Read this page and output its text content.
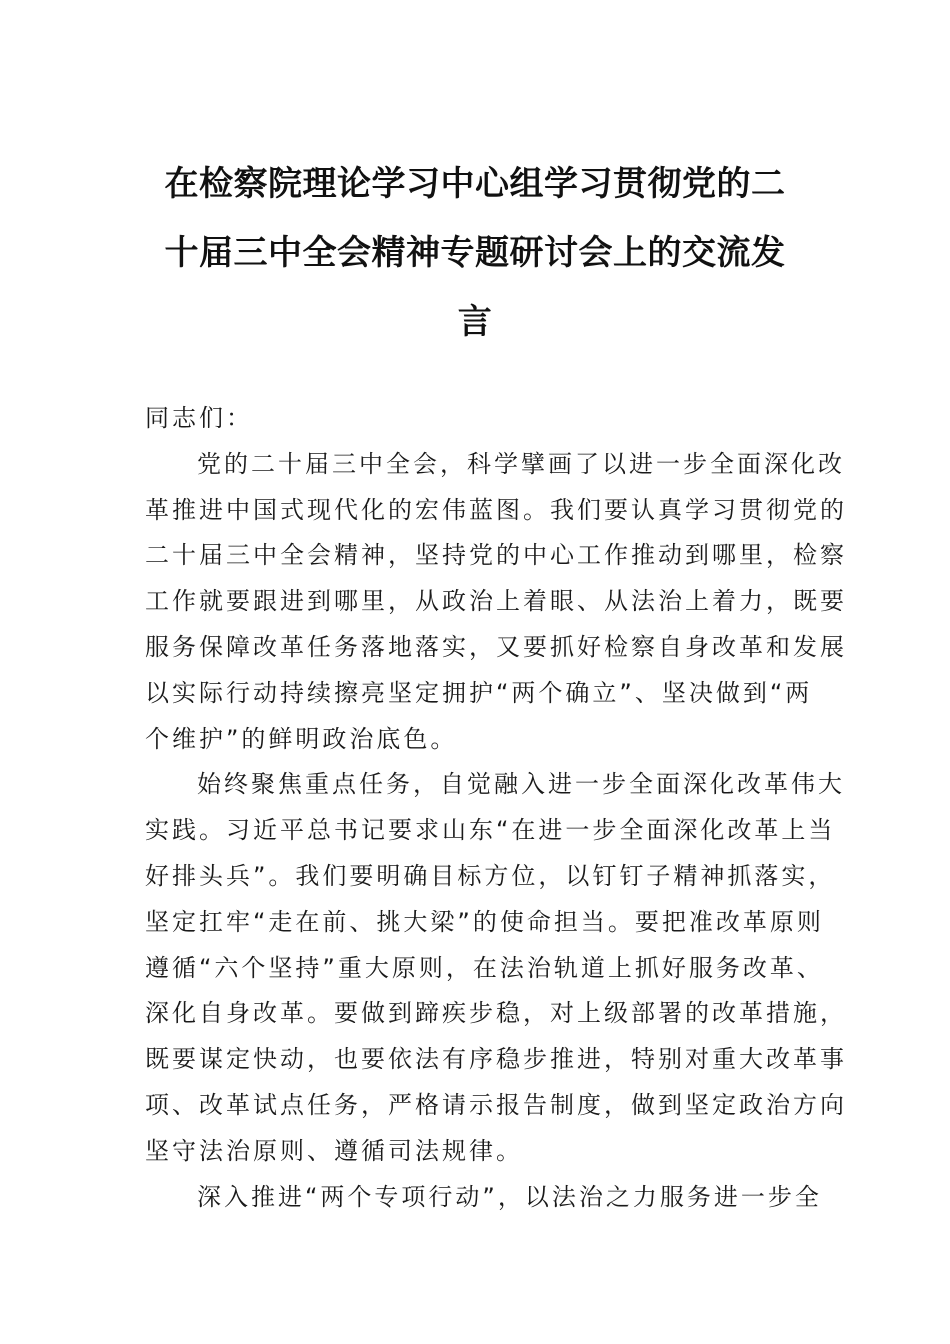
在检察院理论学习中心组学习贯彻党的二
十届三中全会精神专题研讨会上的交流发
言
同志们：
党的二十届三中全会，科学擘画了以进一步全面深化改
革推进中国式现代化的宏伟蓝图。我们要认真学习贯彻党的
二十届三中全会精神，坚持党的中心工作推动到哪里，检察
工作就要跟进到哪里，从政治上着眼、从法治上着力，既要
服务保障改革任务落地落实，又要抓好检察自身改革和发展
以实际行动持续擦亮坚定拥护“两个确立”、坚决做到“两
个维护”的鲜明政治底色。
始终聚焦重点任务，自觉融入进一步全面深化改革伟大
实践。习近平总书记要求山东“在进一步全面深化改革上当
好排头兵”。我们要明确目标方位，以钉钉子精神抓落实，
坚定扛牢“走在前、挑大梁”的使命担当。要把准改革原则
遵循“六个坚持”重大原则，在法治轨道上抓好服务改革、
深化自身改革。要做到蹄疾步稳，对上级部署的改革措施，
既要谋定快动，也要依法有序稳步推进，特别对重大改革事
项、改革试点任务，严格请示报告制度，做到坚定政治方向
坚守法治原则、遵循司法规律。
深入推进“两个专项行动”，以法治之力服务进一步全
